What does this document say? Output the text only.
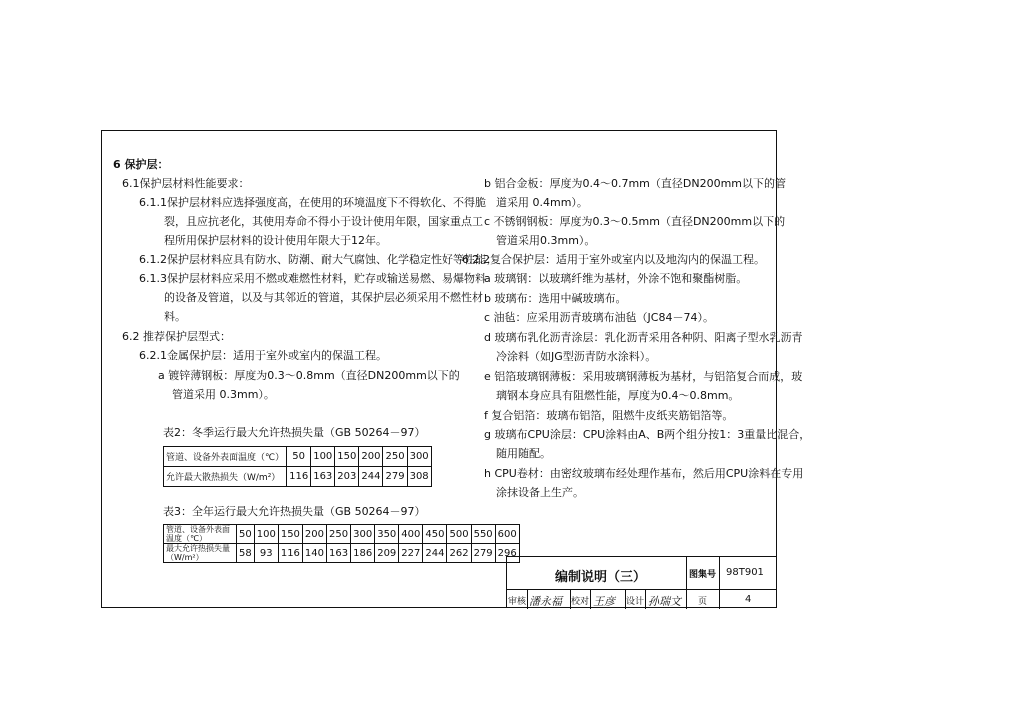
6 保护层：
6.1保护层材料性能要求：
6.1.1保护层材料应选择强度高，在使用的环境温度下不得软化、不得脆
裂，且应抗老化，其使用寿命不得小于设计使用年限，国家重点工
程所用保护层材料的设计使用年限大于12年。
6.1.2保护层材料应具有防水、防潮、耐大气腐蚀、化学稳定性好等性能；
6.1.3保护层材料应采用不燃或难燃性材料，贮存或输送易燃、易爆物料
的设备及管道，以及与其邻近的管道，其保护层必须采用不燃性材
料。
6.2 推荐保护层型式：
6.2.1金属保护层：适用于室外或室内的保温工程。
a 镀锌薄钢板：厚度为0.3～0.8mm（直径DN200mm以下的
管道采用 0.3mm）。
表2：冬季运行最大允许热损失量（GB 50264－97）
管道、设备外表面温度（℃）	50	100	150	200	250	300
允许最大散热损失（W/m²）	116	163	203	244	279	308
表3：全年运行最大允许热损失量（GB 50264－97）
管道、设备外表面温度（℃）	50	100	150	200	250	300	350	400	450	500	550	600
最大允许热损失量（W/m²）	58	93	116	140	163	186	209	227	244	262	279	296
b 铝合金板：厚度为0.4～0.7mm（直径DN200mm以下的管
道采用 0.4mm）。
c 不锈钢钢板：厚度为0.3～0.5mm（直径DN200mm以下的
管道采用0.3mm）。
6.2.2复合保护层：适用于室外或室内以及地沟内的保温工程。
a 玻璃钢：以玻璃纤维为基材，外涂不饱和聚酯树脂。
b 玻璃布：选用中碱玻璃布。
c 油毡：应采用沥青玻璃布油毡（JC84－74）。
d 玻璃布乳化沥青涂层：乳化沥青采用各种阴、阳离子型水乳沥青
冷涂料（如JG型沥青防水涂料）。
e 铝箔玻璃钢薄板：采用玻璃钢薄板为基材，与铝箔复合而成，玻
璃钢本身应具有阻燃性能，厚度为0.4～0.8mm。
f 复合铝箔：玻璃布铝箔，阻燃牛皮纸夹筋铝箔等。
g 玻璃布CPU涂层：CPU涂料由A、B两个组分按1：3重量比混合，
随用随配。
h CPU卷材：由密纹玻璃布经处理作基布，然后用CPU涂料在专用
涂抹设备上生产。
编制说明（三）	图集号 98T901
审核 潘永福 校对 王彦 设计 孙瑞文 页	4
